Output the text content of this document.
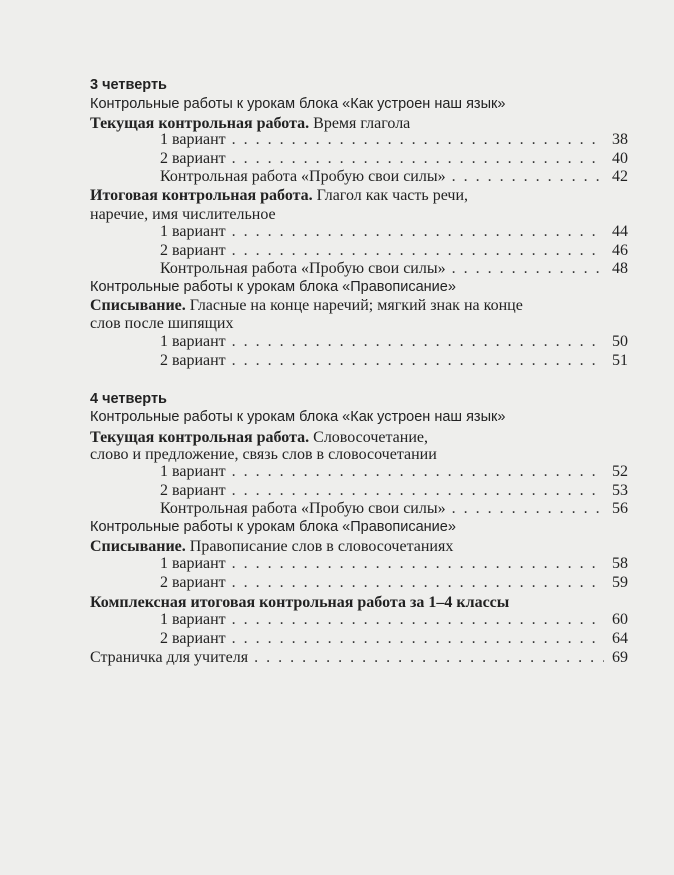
3 четверть
Контрольные работы к урокам блока «Как устроен наш язык»
Текущая контрольная работа. Время глагола
1 вариант . . .	38
2 вариант . . .	40
Контрольная работа «Пробую свои силы» . . .	42
Итоговая контрольная работа. Глагол как часть речи,
наречие, имя числительное
1 вариант . . .	44
2 вариант . . .	46
Контрольная работа «Пробую свои силы» . . .	48
Контрольные работы к урокам блока «Правописание»
Списывание. Гласные на конце наречий; мягкий знак на конце
слов после шипящих
1 вариант . . .	50
2 вариант . . .	51
4 четверть
Контрольные работы к урокам блока «Как устроен наш язык»
Текущая контрольная работа. Словосочетание,
слово и предложение, связь слов в словосочетании
1 вариант . . .	52
2 вариант . . .	53
Контрольная работа «Пробую свои силы» . . .	56
Контрольные работы к урокам блока «Правописание»
Списывание. Правописание слов в словосочетаниях
1 вариант . . .	58
2 вариант . . .	59
Комплексная итоговая контрольная работа за 1–4 классы
1 вариант . . .	60
2 вариант . . .	64
Страничка для учителя . . .	69
